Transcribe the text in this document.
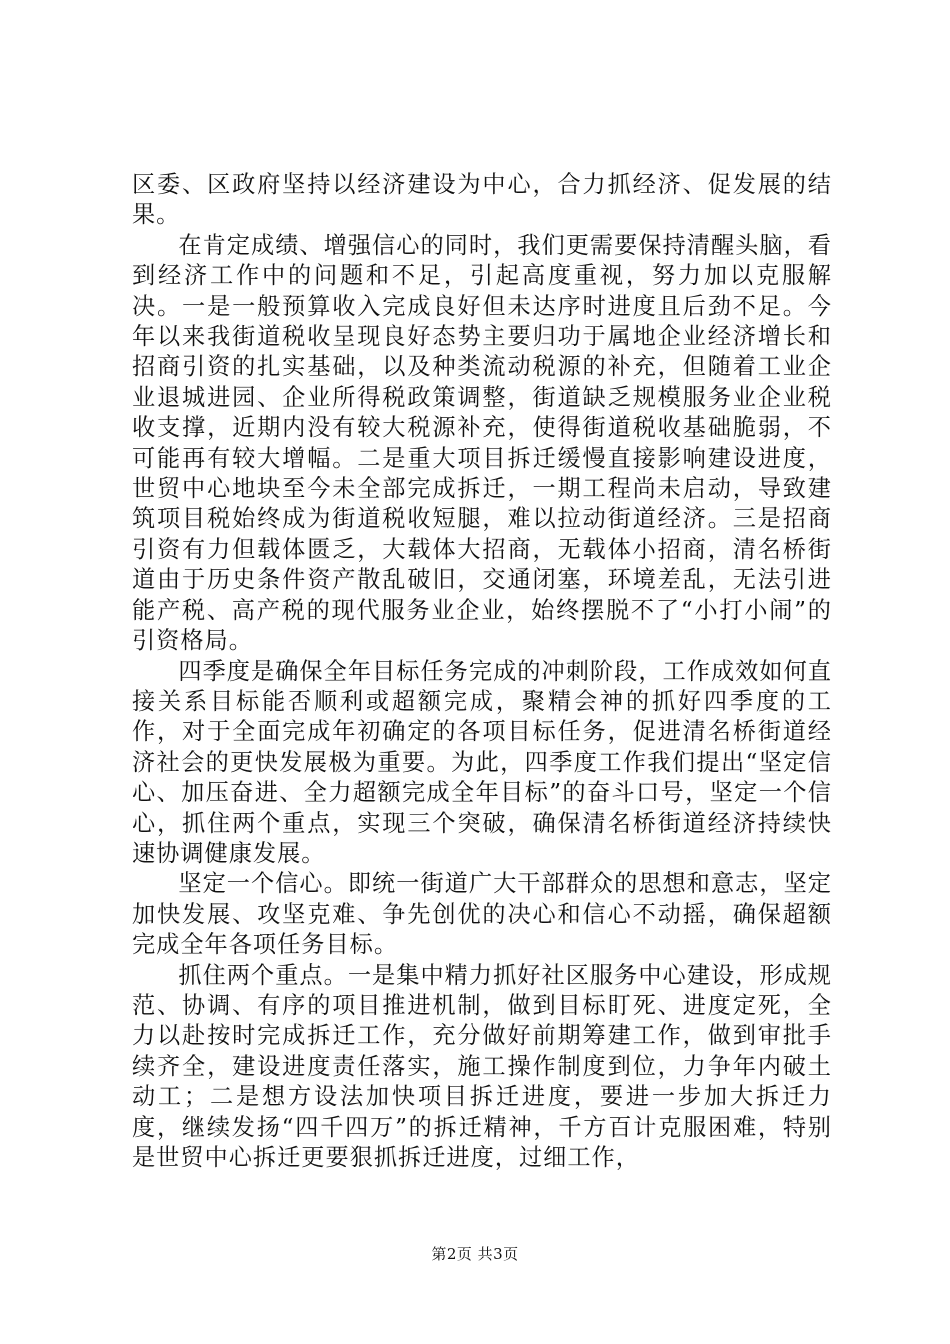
区委、区政府坚持以经济建设为中心，合力抓经济、促发展的结果。

在肯定成绩、增强信心的同时，我们更需要保持清醒头脑，看到经济工作中的问题和不足，引起高度重视，努力加以克服解决。一是一般预算收入完成良好但未达序时进度且后劲不足。今年以来我街道税收呈现良好态势主要归功于属地企业经济增长和招商引资的扎实基础，以及种类流动税源的补充，但随着工业企业退城进园、企业所得税政策调整，街道缺乏规模服务业企业税收支撑，近期内没有较大税源补充，使得街道税收基础脆弱，不可能再有较大增幅。二是重大项目拆迁缓慢直接影响建设进度，世贸中心地块至今未全部完成拆迁，一期工程尚未启动，导致建筑项目税始终成为街道税收短腿，难以拉动街道经济。三是招商引资有力但载体匮乏，大载体大招商，无载体小招商，清名桥街道由于历史条件资产散乱破旧，交通闭塞，环境差乱，无法引进能产税、高产税的现代服务业企业，始终摆脱不了“小打小闹”的引资格局。

四季度是确保全年目标任务完成的冲刺阶段，工作成效如何直接关系目标能否顺利或超额完成，聚精会神的抓好四季度的工作，对于全面完成年初确定的各项目标任务，促进清名桥街道经济社会的更快发展极为重要。为此，四季度工作我们提出“坚定信心、加压奋进、全力超额完成全年目标”的奋斗口号，坚定一个信心，抓住两个重点，实现三个突破，确保清名桥街道经济持续快速协调健康发展。

坚定一个信心。即统一街道广大干部群众的思想和意志，坚定加快发展、攻坚克难、争先创优的决心和信心不动摇，确保超额完成全年各项任务目标。

抓住两个重点。一是集中精力抓好社区服务中心建设，形成规范、协调、有序的项目推进机制，做到目标盯死、进度定死，全力以赴按时完成拆迁工作，充分做好前期筹建工作，做到审批手续齐全，建设进度责任落实，施工操作制度到位，力争年内破土动工；二是想方设法加快项目拆迁进度，要进一步加大拆迁力度，继续发扬“四千四万”的拆迁精神，千方百计克服困难，特别是世贸中心拆迁更要狠抓拆迁进度，过细工作，

第2页 共3页
